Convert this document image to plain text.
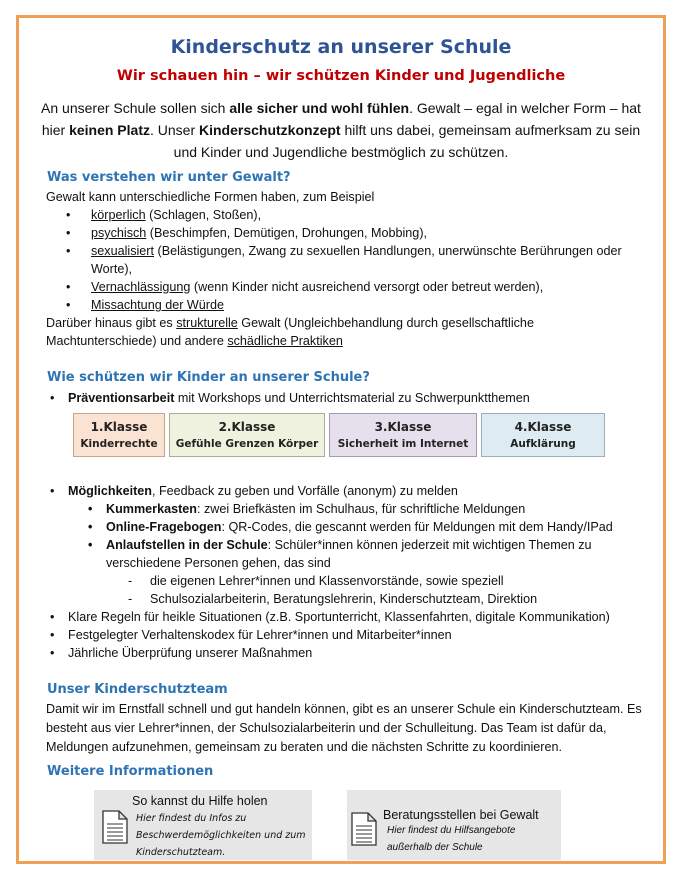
Kinderschutz an unserer Schule
Wir schauen hin – wir schützen Kinder und Jugendliche
An unserer Schule sollen sich alle sicher und wohl fühlen. Gewalt – egal in welcher Form – hat hier keinen Platz. Unser Kinderschutzkonzept hilft uns dabei, gemeinsam aufmerksam zu sein und Kinder und Jugendliche bestmöglich zu schützen.
Was verstehen wir unter Gewalt?

Gewalt kann unterschiedliche Formen haben, zum Beispiel

• körperlich (Schlagen, Stoßen),
• psychisch (Beschimpfen, Demütigen, Drohungen, Mobbing),
• sexualisiert (Belästigungen, Zwang zu sexuellen Handlungen, unerwünschte Berührungen oder Worte),
• Vernachlässigung (wenn Kinder nicht ausreichend versorgt oder betreut werden),
• Missachtung der Würde

Darüber hinaus gibt es strukturelle Gewalt (Ungleichbehandlung durch gesellschaftliche Machtunterschiede) und andere schädliche Praktiken

Wie schützen wir Kinder an unserer Schule?
• Präventionsarbeit mit Workshops und Unterrichtsmaterial zu Schwerpunktthemen
1.Klasse
Kinderrechte
2.Klasse
Gefühle Grenzen Körper
3.Klasse
Sicherheit im Internet
4.Klasse
Aufklärung
• Möglichkeiten, Feedback zu geben und Vorfälle (anonym) zu melden
• Kummerkasten: zwei Briefkästen im Schulhaus, für schriftliche Meldungen
• Online-Fragebogen: QR-Codes, die gescannt werden für Meldungen mit dem Handy/IPad
• Anlaufstellen in der Schule: Schüler*innen können jederzeit mit wichtigen Themen zu verschiedene Personen gehen, das sind
- die eigenen Lehrer*innen und Klassenvorstände, sowie speziell
- Schulsozialarbeiterin, Beratungslehrerin, Kinderschutzteam, Direktion
• Klare Regeln für heikle Situationen (z.B. Sportunterricht, Klassenfahrten, digitale Kommunikation)
• Festgelegter Verhaltenskodex für Lehrer*innen und Mitarbeiter*innen
• Jährliche Überprüfung unserer Maßnahmen
Unser Kinderschutzteam
Damit wir im Ernstfall schnell und gut handeln können, gibt es an unserer Schule ein Kinderschutzteam. Es besteht aus vier Lehrer*innen, der Schulsozialarbeiterin und der Schulleitung. Das Team ist dafür da, Meldungen aufzunehmen, gemeinsam zu beraten und die nächsten Schritte zu koordinieren.
Weitere Informationen
So kannst du Hilfe holen
Hier findest du Infos zu
Beschwerdemöglichkeiten und zum
Kinderschutzteam.
Beratungsstellen bei Gewalt
Hier findest du Hilfsangebote
außerhalb der Schule
